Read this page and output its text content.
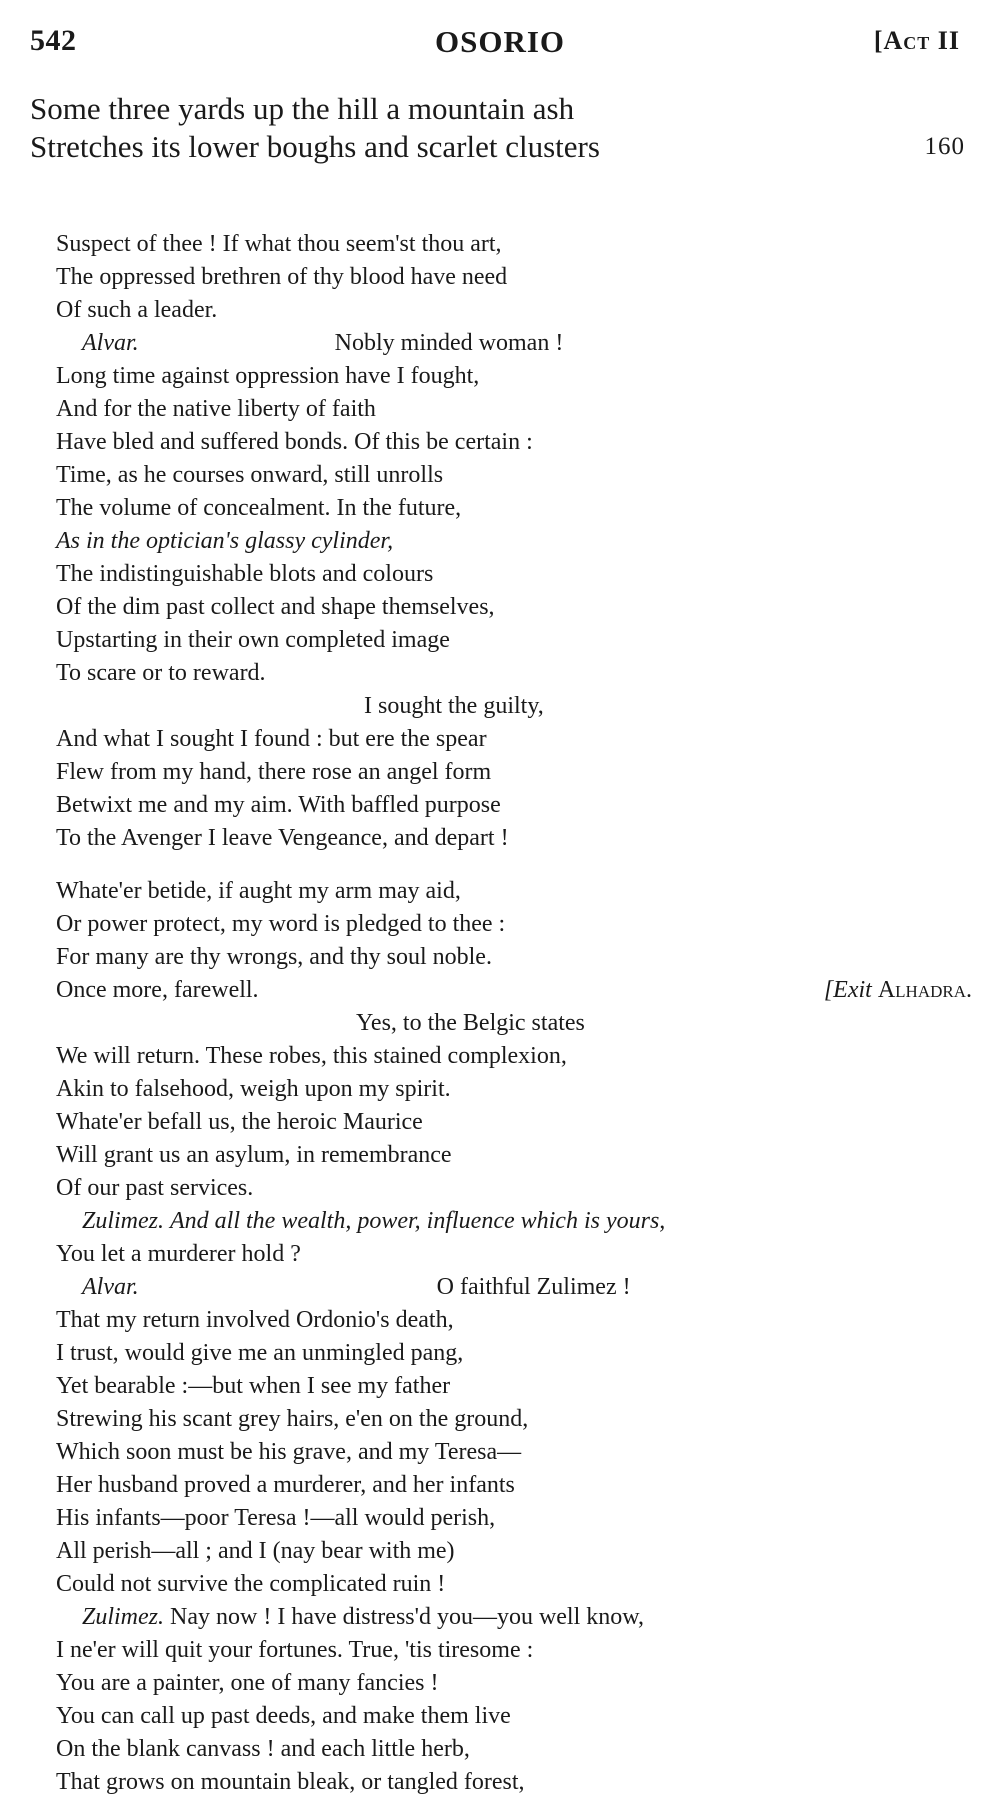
542	OSORIO	[Act II
Some three yards up the hill a mountain ash
Stretches its lower boughs and scarlet clusters	160
Suspect of thee ! If what thou seem'st thou art,
The oppressed brethren of thy blood have need
Of such a leader.
Alvar.	Nobly minded woman !
Long time against oppression have I fought,
And for the native liberty of faith
Have bled and suffered bonds. Of this be certain :
Time, as he courses onward, still unrolls
The volume of concealment. In the future,
As in the optician's glassy cylinder,
The indistinguishable blots and colours
Of the dim past collect and shape themselves,
Upstarting in their own completed image
To scare or to reward.
I sought the guilty,
And what I sought I found : but ere the spear
Flew from my hand, there rose an angel form
Betwixt me and my aim. With baffled purpose
To the Avenger I leave Vengeance, and depart !
Whate'er betide, if aught my arm may aid,
Or power protect, my word is pledged to thee :
For many are thy wrongs, and thy soul noble.
Once more, farewell.	[Exit Alhadra.
Yes, to the Belgic states
We will return. These robes, this stained complexion,
Akin to falsehood, weigh upon my spirit.
Whate'er befall us, the heroic Maurice
Will grant us an asylum, in remembrance
Of our past services.
Zulimez. And all the wealth, power, influence which is yours,
You let a murderer hold ?
Alvar.	O faithful Zulimez !
That my return involved Ordonio's death,
I trust, would give me an unmingled pang,
Yet bearable :—but when I see my father
Strewing his scant grey hairs, e'en on the ground,
Which soon must be his grave, and my Teresa—
Her husband proved a murderer, and her infants
His infants—poor Teresa !—all would perish,
All perish—all ; and I (nay bear with me)
Could not survive the complicated ruin !
Zulimez. Nay now ! I have distress'd you—you well know,
I ne'er will quit your fortunes. True, 'tis tiresome :
You are a painter, one of many fancies !
You can call up past deeds, and make them live
On the blank canvass ! and each little herb,
That grows on mountain bleak, or tangled forest,
